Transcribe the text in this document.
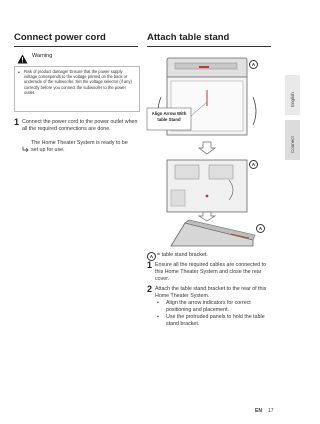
Connect power cord
Warning
• Risk of product damage! Ensure that the power supply voltage corresponds to the voltage printed on the back or underside of the subwoofer. Set the voltage selector (if any) correctly before you connect the subwoofer to the power outlet.
1 Connect the power cord to the power outlet when all the required connections are done.
The Home Theater System is ready to be set up for use.
Attach table stand
Align Arrow With table Stand
A
A
A
A = table stand bracket.
1 Ensure all the required cables are connected to this Home Theater System and close the rear cover.
2 Attach the table stand bracket to the rear of this Home Theater System.
• Align the arrow indicators for correct positioning and placement.
• Use the protruded panels to hold the table stand bracket.
English
Connect
EN 17
